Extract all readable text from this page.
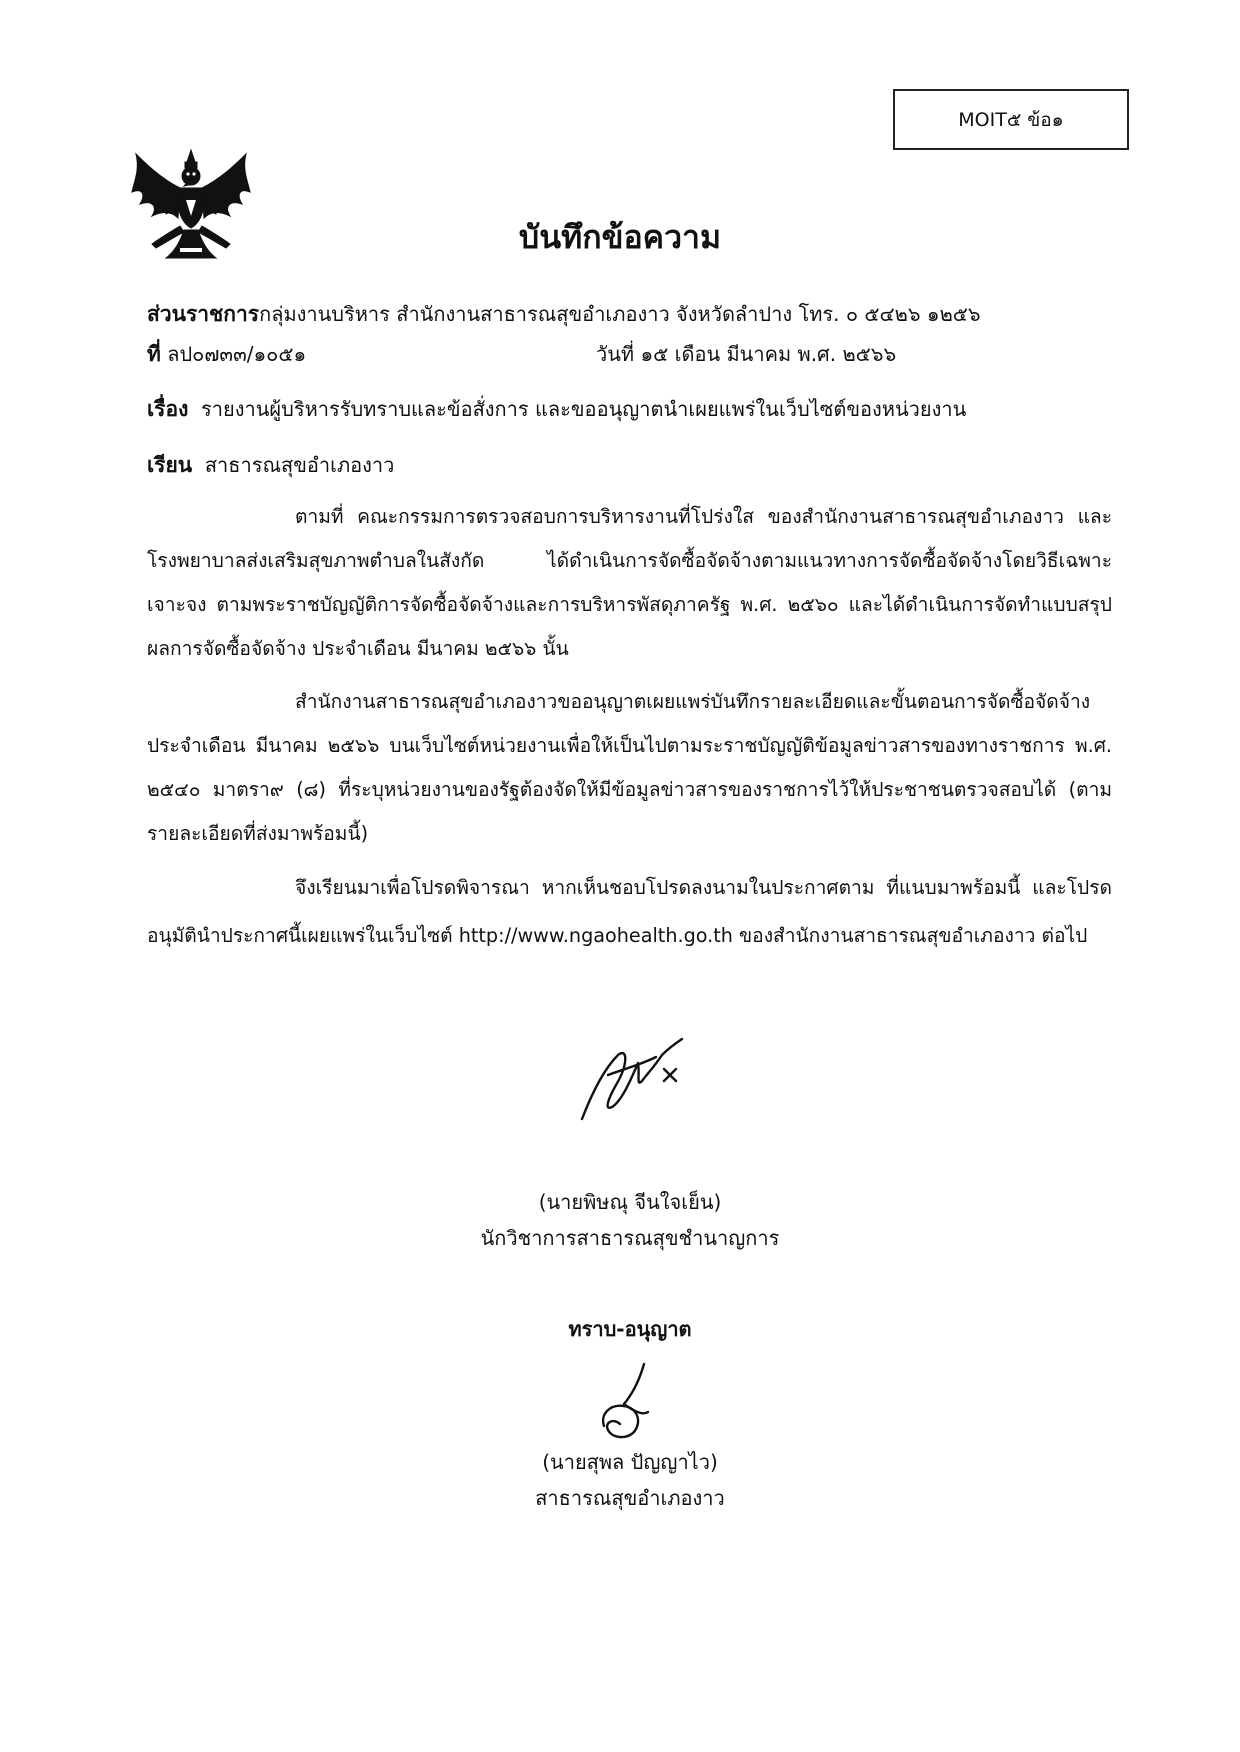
MOIT๕ ข้อ๑
บันทึกข้อความ
ส่วนราชการกลุ่มงานบริหาร สำนักงานสาธารณสุขอำเภองาว จังหวัดลำปาง โทร. ๐ ๕๔๒๖ ๑๒๕๖
ที่ ลป๐๗๓๓/๑๐๕๑	วันที่ ๑๕ เดือน มีนาคม พ.ศ. ๒๕๖๖
เรื่อง รายงานผู้บริหารรับทราบและข้อสั่งการ และขออนุญาตนำเผยแพร่ในเว็บไซต์ของหน่วยงาน
เรียน สาธารณสุขอำเภองาว

ตามที่ คณะกรรมการตรวจสอบการบริหารงานที่โปร่งใส ของสำนักงานสาธารณสุขอำเภองาว และโรงพยาบาลส่งเสริมสุขภาพตำบลในสังกัด ได้ดำเนินการจัดซื้อจัดจ้างตามแนวทางการจัดซื้อจัดจ้างโดยวิธีเฉพาะเจาะจง ตามพระราชบัญญัติการจัดซื้อจัดจ้างและการบริหารพัสดุภาครัฐ พ.ศ. ๒๕๖๐ และได้ดำเนินการจัดทำแบบสรุปผลการจัดซื้อจัดจ้าง ประจำเดือน มีนาคม ๒๕๖๖ นั้น

สำนักงานสาธารณสุขอำเภองาวขออนุญาตเผยแพร่บันทึกรายละเอียดและขั้นตอนการจัดซื้อจัดจ้าง ประจำเดือน มีนาคม ๒๕๖๖ บนเว็บไซต์หน่วยงานเพื่อให้เป็นไปตามระราชบัญญัติข้อมูลข่าวสารของทางราชการ พ.ศ. ๒๕๔๐ มาตรา๙ (๘) ที่ระบุหน่วยงานของรัฐต้องจัดให้มีข้อมูลข่าวสารของราชการไว้ให้ประชาชนตรวจสอบได้ (ตามรายละเอียดที่ส่งมาพร้อมนี้)

จึงเรียนมาเพื่อโปรดพิจารณา หากเห็นชอบโปรดลงนามในประกาศตาม ที่แนบมาพร้อมนี้ และโปรดอนุมัตินำประกาศนี้เผยแพร่ในเว็บไซต์ http://www.ngaohealth.go.th ของสำนักงานสาธารณสุขอำเภองาว ต่อไป

(นายพิษณุ จีนใจเย็น)
นักวิชาการสาธารณสุขชำนาญการ
ทราบ-อนุญาต
(นายสุพล ปัญญาไว)
สาธารณสุขอำเภองาว
